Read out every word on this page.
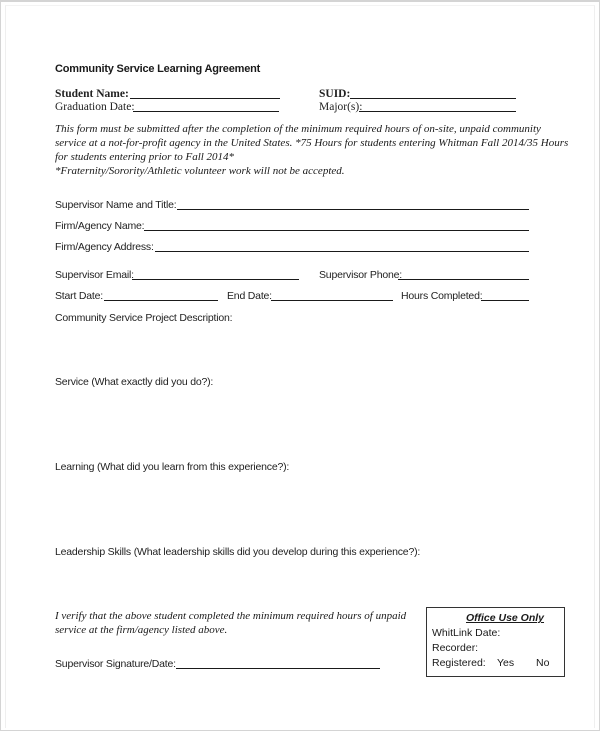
Community Service Learning Agreement
Student Name:	SUID:
Graduation Date:	Major(s):
This form must be submitted after the completion of the minimum required hours of on-site, unpaid community
service at a not-for-profit agency in the United States. *75 Hours for students entering Whitman Fall 2014/35 Hours
for students entering prior to Fall 2014*
*Fraternity/Sorority/Athletic volunteer work will not be accepted.
Supervisor Name and Title:
Firm/Agency Name:
Firm/Agency Address:
Supervisor Email:	Supervisor Phone:
Start Date:	End Date:	Hours Completed:
Community Service Project Description:
Service (What exactly did you do?):
Learning (What did you learn from this experience?):
Leadership Skills (What leadership skills did you develop during this experience?):
I verify that the above student completed the minimum required hours of unpaid
service at the firm/agency listed above.
Supervisor Signature/Date:
Office Use Only
WhitLink Date:
Recorder:
Registered: Yes No
